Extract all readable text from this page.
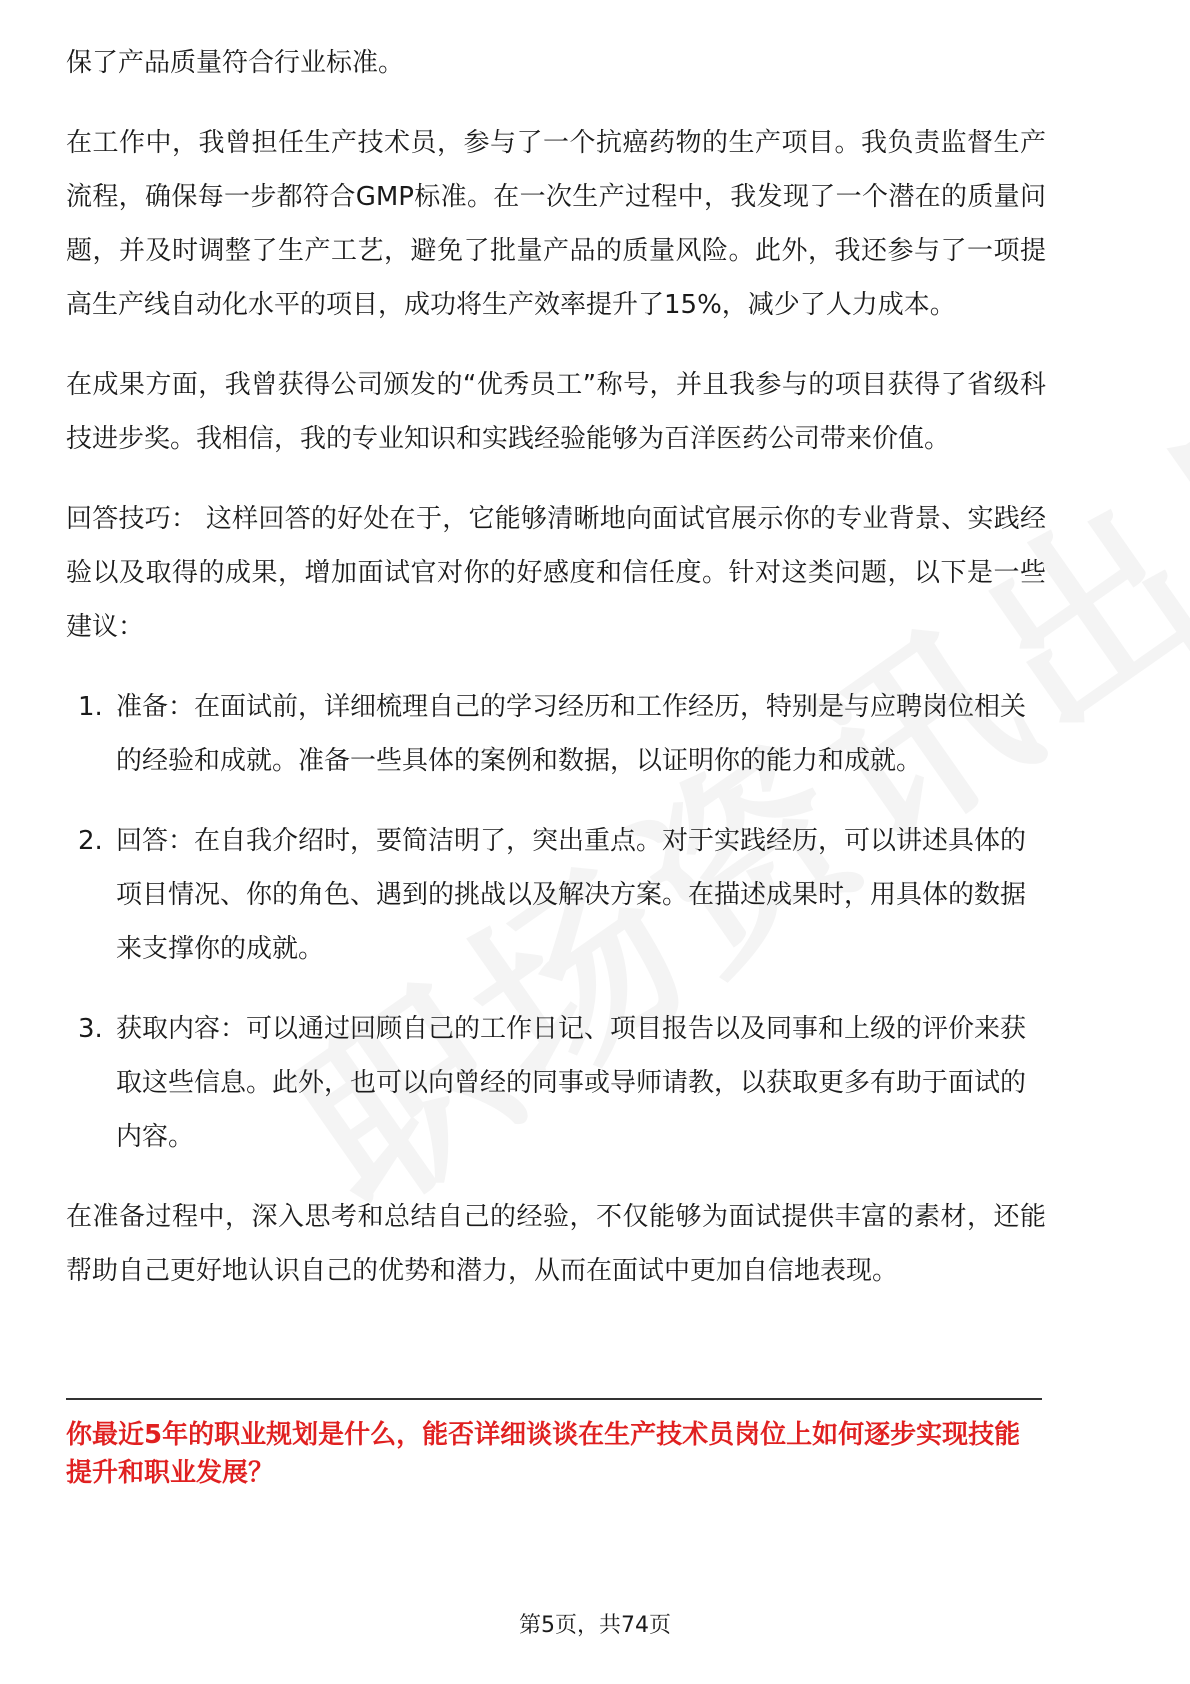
保了产品质量符合行业标准。

在工作中，我曾担任生产技术员，参与了一个抗癌药物的生产项目。我负责监督生产流程，确保每一步都符合GMP标准。在一次生产过程中，我发现了一个潜在的质量问题，并及时调整了生产工艺，避免了批量产品的质量风险。此外，我还参与了一项提高生产线自动化水平的项目，成功将生产效率提升了15%，减少了人力成本。

在成果方面，我曾获得公司颁发的“优秀员工”称号，并且我参与的项目获得了省级科技进步奖。我相信，我的专业知识和实践经验能够为百洋医药公司带来价值。

回答技巧： 这样回答的好处在于，它能够清晰地向面试官展示你的专业背景、实践经验以及取得的成果，增加面试官对你的好感度和信任度。针对这类问题，以下是一些建议：

1. 准备：在面试前，详细梳理自己的学习经历和工作经历，特别是与应聘岗位相关的经验和成就。准备一些具体的案例和数据，以证明你的能力和成就。
2. 回答：在自我介绍时，要简洁明了，突出重点。对于实践经历，可以讲述具体的项目情况、你的角色、遇到的挑战以及解决方案。在描述成果时，用具体的数据来支撑你的成就。
3. 获取内容：可以通过回顾自己的工作日记、项目报告以及同事和上级的评价来获取这些信息。此外，也可以向曾经的同事或导师请教，以获取更多有助于面试的内容。

在准备过程中，深入思考和总结自己的经验，不仅能够为面试提供丰富的素材，还能帮助自己更好地认识自己的优势和潜力，从而在面试中更加自信地表现。

你最近5年的职业规划是什么，能否详细谈谈在生产技术员岗位上如何逐步实现技能提升和职业发展？
第5页，共74页
